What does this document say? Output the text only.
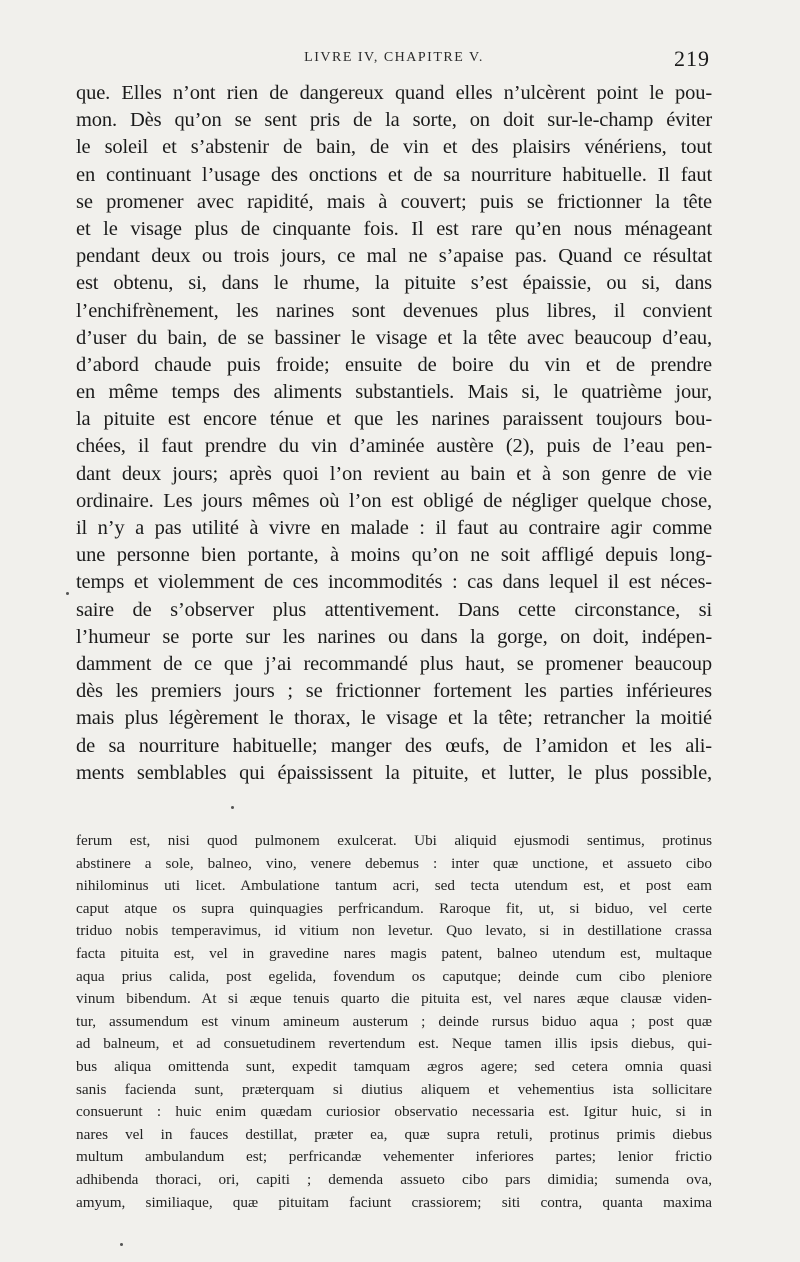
LIVRE IV, CHAPITRE V.	219
que. Elles n’ont rien de dangereux quand elles n’ulcèrent point le pou-
mon. Dès qu’on se sent pris de la sorte, on doit sur-le-champ éviter
le soleil et s’abstenir de bain, de vin et des plaisirs vénériens, tout
en continuant l’usage des onctions et de sa nourriture habituelle. Il faut
se promener avec rapidité, mais à couvert; puis se frictionner la tête
et le visage plus de cinquante fois. Il est rare qu’en nous ménageant
pendant deux ou trois jours, ce mal ne s’apaise pas. Quand ce résultat
est obtenu, si, dans le rhume, la pituite s’est épaissie, ou si, dans
l’enchifrènement, les narines sont devenues plus libres, il convient
d’user du bain, de se bassiner le visage et la tête avec beaucoup d’eau,
d’abord chaude puis froide; ensuite de boire du vin et de prendre
en même temps des aliments substantiels. Mais si, le quatrième jour,
la pituite est encore ténue et que les narines paraissent toujours bou-
chées, il faut prendre du vin d’aminée austère (2), puis de l’eau pen-
dant deux jours; après quoi l’on revient au bain et à son genre de vie
ordinaire. Les jours mêmes où l’on est obligé de négliger quelque chose,
il n’y a pas utilité à vivre en malade : il faut au contraire agir comme
une personne bien portante, à moins qu’on ne soit affligé depuis long-
temps et violemment de ces incommodités : cas dans lequel il est néces-
saire de s’observer plus attentivement. Dans cette circonstance, si
l’humeur se porte sur les narines ou dans la gorge, on doit, indépen-
damment de ce que j’ai recommandé plus haut, se promener beaucoup
dès les premiers jours ; se frictionner fortement les parties inférieures
mais plus légèrement le thorax, le visage et la tête; retrancher la moitié
de sa nourriture habituelle; manger des œufs, de l’amidon et les ali-
ments semblables qui épaississent la pituite, et lutter, le plus possible,
ferum est, nisi quod pulmonem exulcerat. Ubi aliquid ejusmodi sentimus, protinus
abstinere a sole, balneo, vino, venere debemus : inter quæ unctione, et assueto cibo
nihilominus uti licet. Ambulatione tantum acri, sed tecta utendum est, et post eam
caput atque os supra quinquagies perfricandum. Raroque fit, ut, si biduo, vel certe
triduo nobis temperavimus, id vitium non levetur. Quo levato, si in destillatione crassa
facta pituita est, vel in gravedine nares magis patent, balneo utendum est, multaque
aqua prius calida, post egelida, fovendum os caputque; deinde cum cibo pleniore
vinum bibendum. At si æque tenuis quarto die pituita est, vel nares æque clausæ viden-
tur, assumendum est vinum amineum austerum ; deinde rursus biduo aqua ; post quæ
ad balneum, et ad consuetudinem revertendum est. Neque tamen illis ipsis diebus, qui-
bus aliqua omittenda sunt, expedit tamquam ægros agere; sed cetera omnia quasi
sanis facienda sunt, præterquam si diutius aliquem et vehementius ista sollicitare
consuerunt : huic enim quædam curiosior observatio necessaria est. Igitur huic, si in
nares vel in fauces destillat, præter ea, quæ supra retuli, protinus primis diebus
multum ambulandum est; perfricandæ vehementer inferiores partes; lenior frictio
adhibenda thoraci, ori, capiti ; demenda assueto cibo pars dimidia; sumenda ova,
amyum, similiaque, quæ pituitam faciunt crassiorem; siti contra, quanta maxima
